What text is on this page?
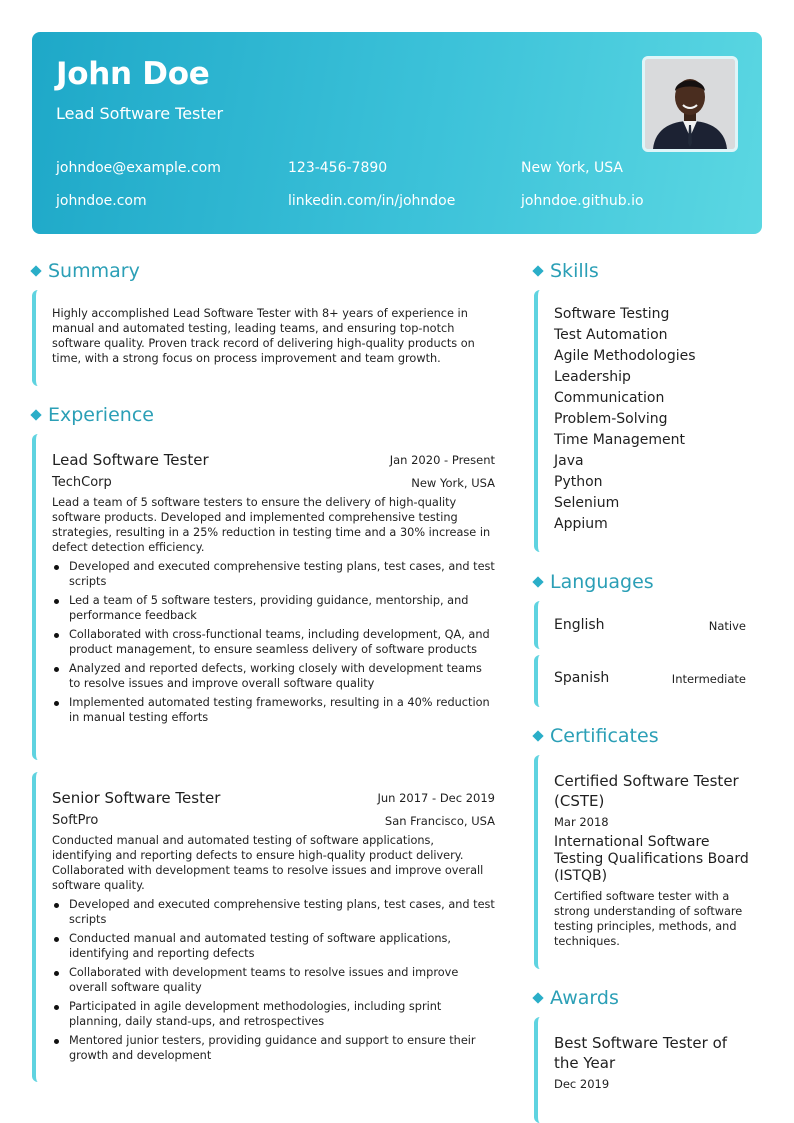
John Doe
Lead Software Tester
johndoe@example.com	123-456-7890	New York, USA
johndoe.com	linkedin.com/in/johndoe	johndoe.github.io
Summary
Highly accomplished Lead Software Tester with 8+ years of experience in manual and automated testing, leading teams, and ensuring top-notch software quality. Proven track record of delivering high-quality products on time, with a strong focus on process improvement and team growth.
Experience
Lead Software Tester	Jan 2020 - Present
TechCorp	New York, USA
Lead a team of 5 software testers to ensure the delivery of high-quality software products. Developed and implemented comprehensive testing strategies, resulting in a 25% reduction in testing time and a 30% increase in defect detection efficiency.
Developed and executed comprehensive testing plans, test cases, and test scripts
Led a team of 5 software testers, providing guidance, mentorship, and performance feedback
Collaborated with cross-functional teams, including development, QA, and product management, to ensure seamless delivery of software products
Analyzed and reported defects, working closely with development teams to resolve issues and improve overall software quality
Implemented automated testing frameworks, resulting in a 40% reduction in manual testing efforts
Senior Software Tester	Jun 2017 - Dec 2019
SoftPro	San Francisco, USA
Conducted manual and automated testing of software applications, identifying and reporting defects to ensure high-quality product delivery. Collaborated with development teams to resolve issues and improve overall software quality.
Developed and executed comprehensive testing plans, test cases, and test scripts
Conducted manual and automated testing of software applications, identifying and reporting defects
Collaborated with development teams to resolve issues and improve overall software quality
Participated in agile development methodologies, including sprint planning, daily stand-ups, and retrospectives
Mentored junior testers, providing guidance and support to ensure their growth and development
Skills
Software Testing
Test Automation
Agile Methodologies
Leadership
Communication
Problem-Solving
Time Management
Java
Python
Selenium
Appium
Languages
English	Native
Spanish	Intermediate
Certificates
Certified Software Tester (CSTE)
Mar 2018
International Software Testing Qualifications Board (ISTQB)
Certified software tester with a strong understanding of software testing principles, methods, and techniques.
Awards
Best Software Tester of the Year
Dec 2019
